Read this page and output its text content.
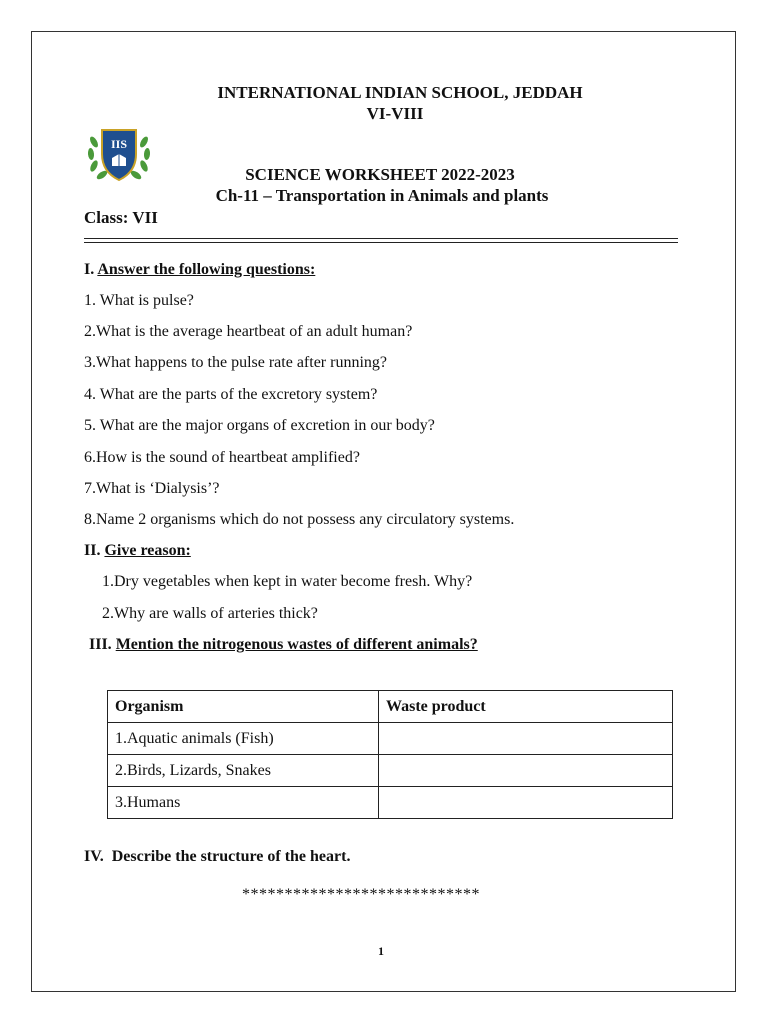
INTERNATIONAL INDIAN SCHOOL, JEDDAH
VI-VIII
IIS
SCIENCE WORKSHEET 2022-2023
Ch-11 – Transportation in Animals and plants
Class: VII
I. Answer the following questions:
1. What is pulse?
2.What is the average heartbeat of an adult human?
3.What happens to the pulse rate after running?
4. What are the parts of the excretory system?
5. What are the major organs of excretion in our body?
6.How is the sound of heartbeat amplified?
7.What is ‘Dialysis’?
8.Name 2 organisms which do not possess any circulatory systems.
II. Give reason:
1.Dry vegetables when kept in water become fresh. Why?
2.Why are walls of arteries thick?
III. Mention the nitrogenous wastes of different animals?
Organism	Waste product
1.Aquatic animals (Fish)	
2.Birds, Lizards, Snakes	
3.Humans	
IV. Describe the structure of the heart.
****************************
1
